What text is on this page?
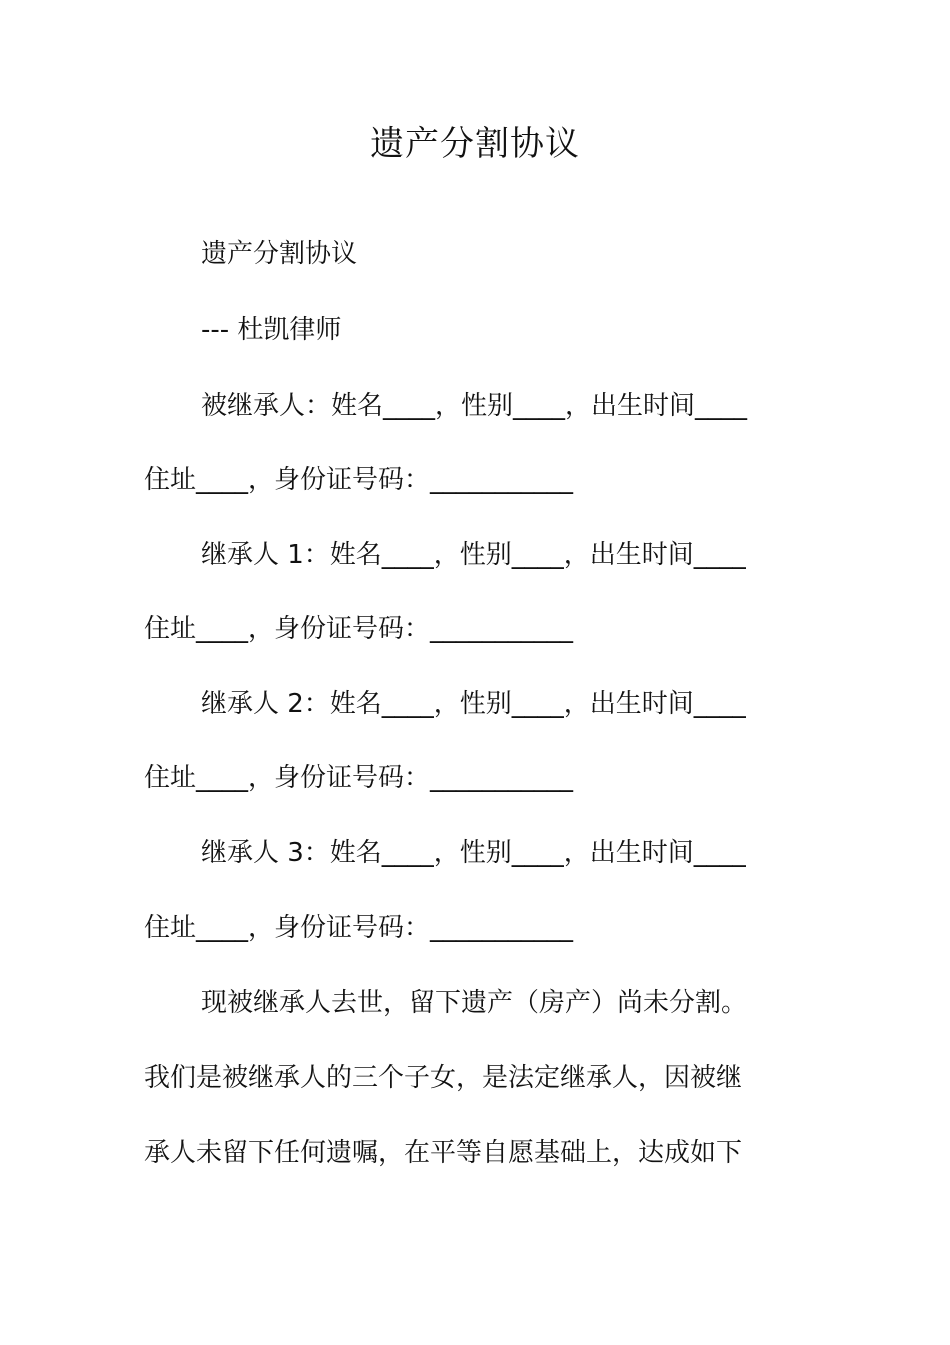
遗产分割协议
遗产分割协议
--- 杜凯律师
被继承人：姓名____，性别____，出生时间____
住址____，身份证号码：___________
继承人 1：姓名____，性别____，出生时间____
住址____，身份证号码：___________
继承人 2：姓名____，性别____，出生时间____
住址____，身份证号码：___________
继承人 3：姓名____，性别____，出生时间____
住址____，身份证号码：___________
现被继承人去世，留下遗产（房产）尚未分割。
我们是被继承人的三个子女，是法定继承人，因被继
承人未留下任何遗嘱，在平等自愿基础上，达成如下
